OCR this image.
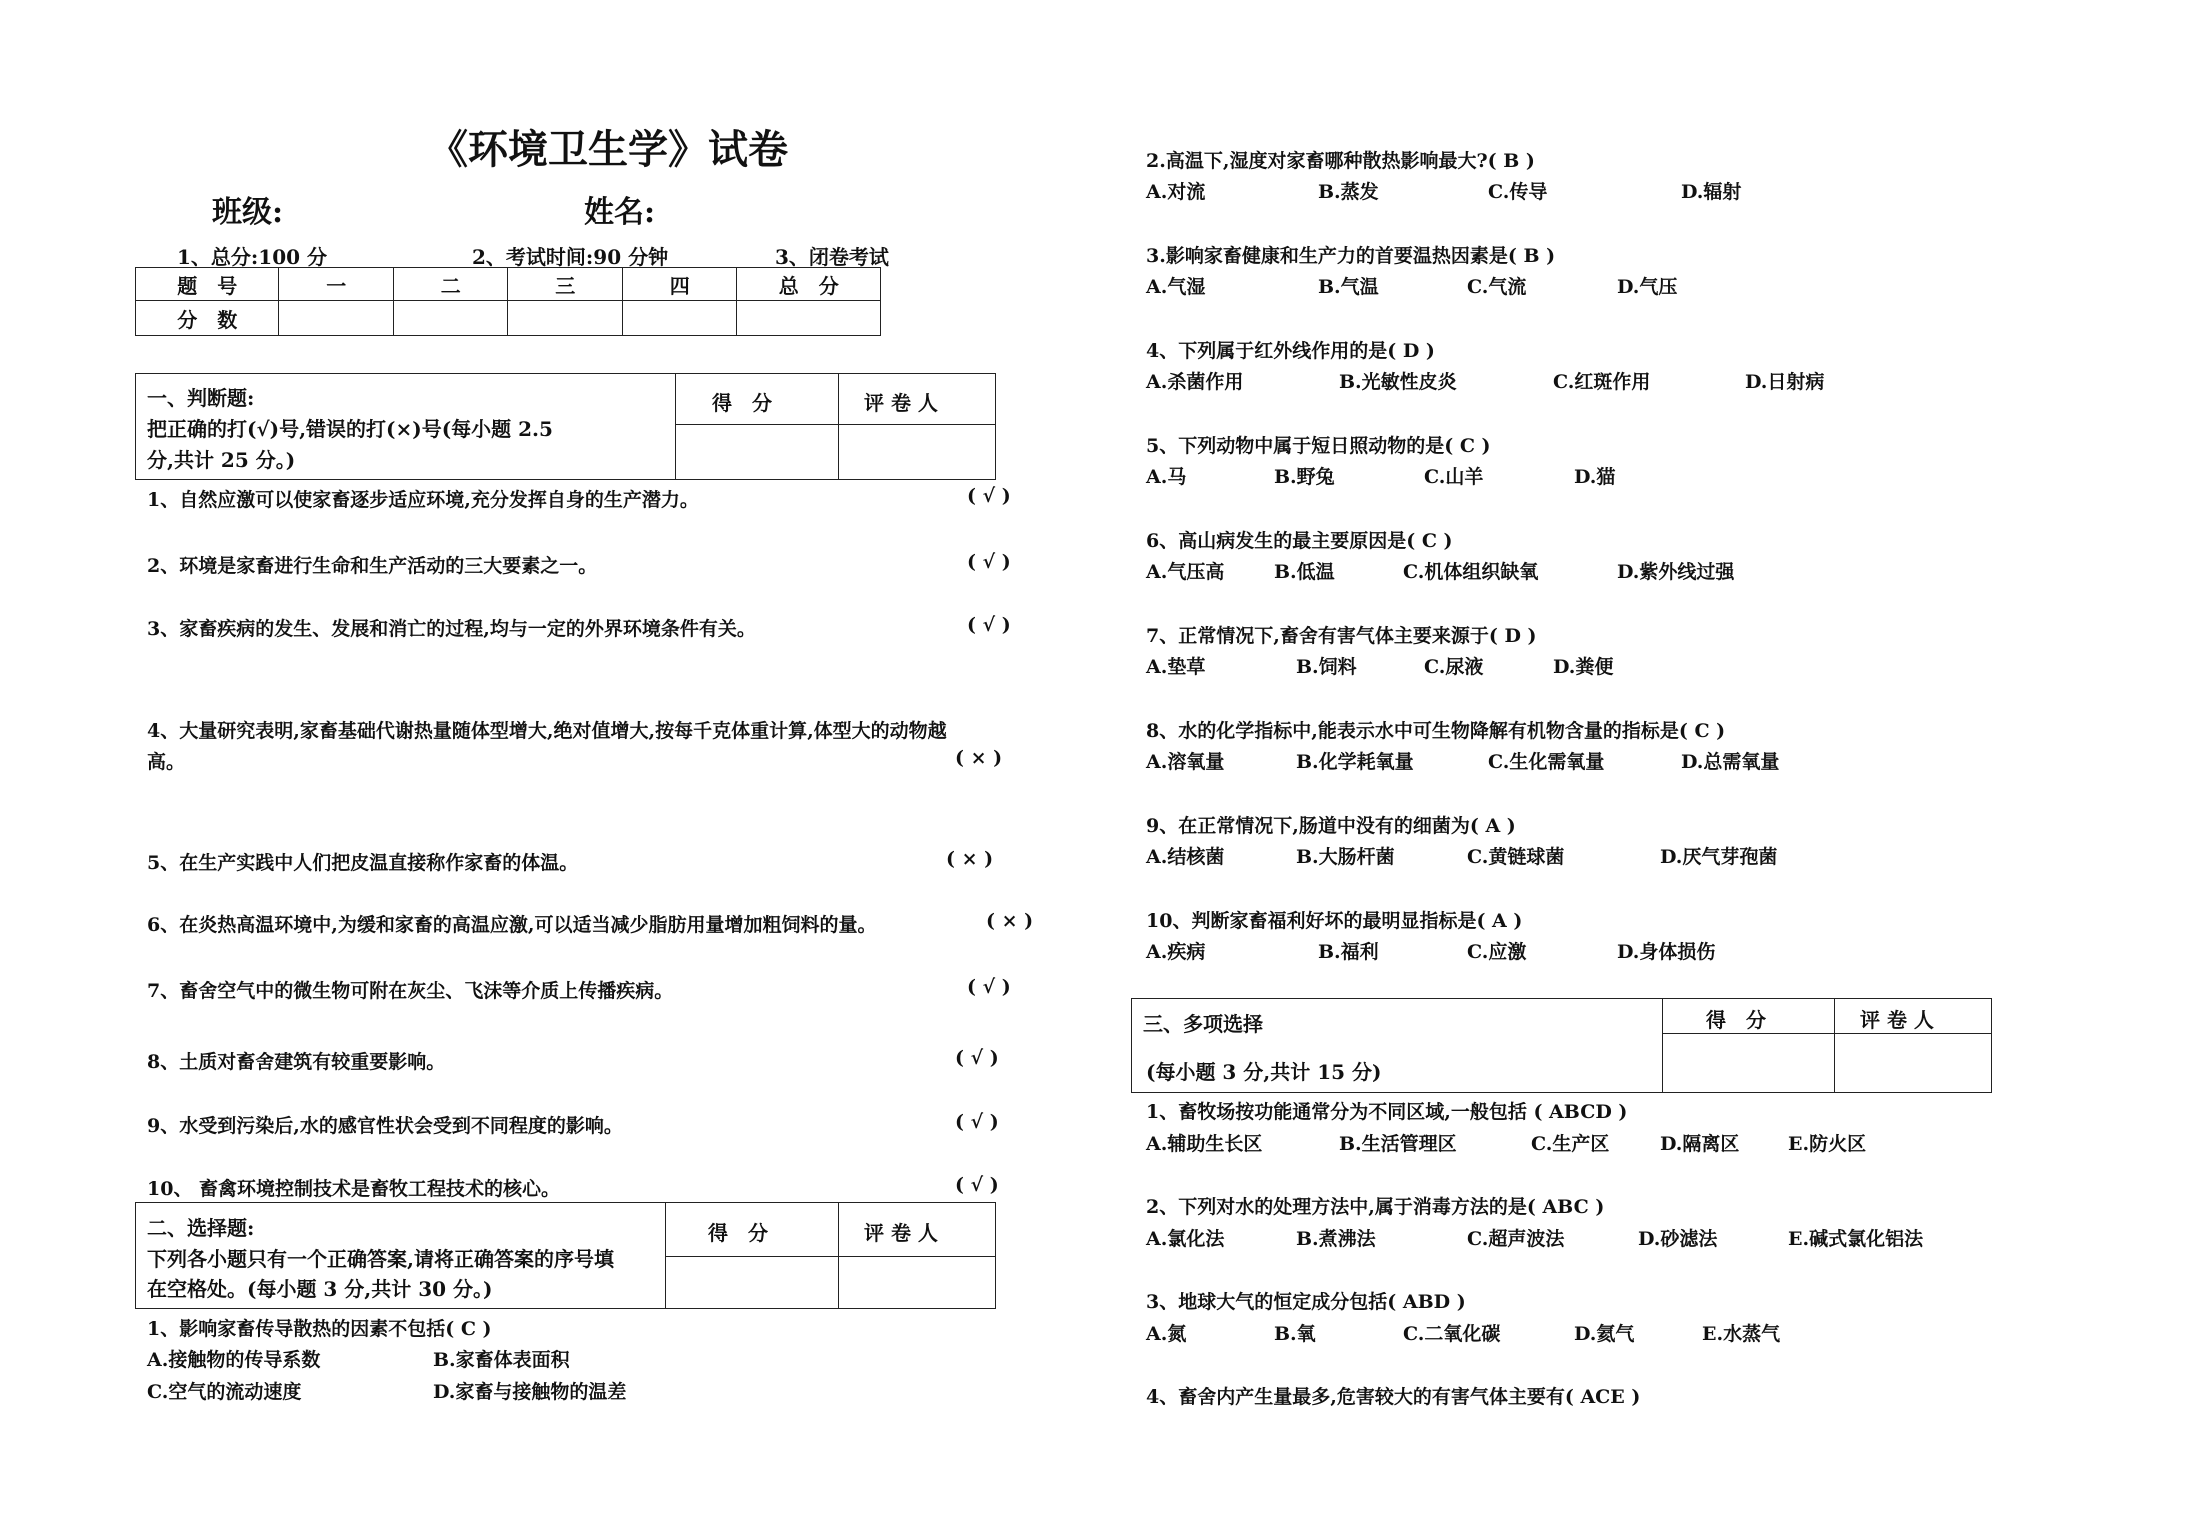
《环境卫生学》试卷
班级:	姓名:
1、总分:100 分	2、考试时间:90 分钟	3、闭卷考试
题　号	一	二	三	四	总　分
分　数					
一、判断题:
把正确的打(√)号,错误的打(×)号(每小题 2.5
分,共计 25 分。)
得　分	评 卷 人
1、自然应激可以使家畜逐步适应环境,充分发挥自身的生产潜力。	( √ )
2、环境是家畜进行生命和生产活动的三大要素之一。	( √ )
3、家畜疾病的发生、发展和消亡的过程,均与一定的外界环境条件有关。	( √ )
4、大量研究表明,家畜基础代谢热量随体型增大,绝对值增大,按每千克体重计算,体型大的动物越
高。	( × )
5、在生产实践中人们把皮温直接称作家畜的体温。	( × )
6、在炎热高温环境中,为缓和家畜的高温应激,可以适当减少脂肪用量增加粗饲料的量。	( × )
7、畜舍空气中的微生物可附在灰尘、飞沫等介质上传播疾病。	( √ )
8、土质对畜舍建筑有较重要影响。	( √ )
9、水受到污染后,水的感官性状会受到不同程度的影响。	( √ )
10、 畜禽环境控制技术是畜牧工程技术的核心。	( √ )
二、选择题:
下列各小题只有一个正确答案,请将正确答案的序号填
在空格处。(每小题 3 分,共计 30 分。)
得　分	评 卷 人
1、影响家畜传导散热的因素不包括( C )
A.接触物的传导系数	B.家畜体表面积
C.空气的流动速度	D.家畜与接触物的温差
2.高温下,湿度对家畜哪种散热影响最大?( B )
A.对流	B.蒸发	C.传导	D.辐射
3.影响家畜健康和生产力的首要温热因素是( B )
A.气湿	B.气温	C.气流	D.气压
4、下列属于红外线作用的是( D )
A.杀菌作用	B.光敏性皮炎	C.红斑作用	D.日射病
5、下列动物中属于短日照动物的是( C )
A.马	B.野兔	C.山羊	D.猫
6、高山病发生的最主要原因是( C )
A.气压高	B.低温	C.机体组织缺氧	D.紫外线过强
7、正常情况下,畜舍有害气体主要来源于( D )
A.垫草	B.饲料	C.尿液	D.粪便
8、水的化学指标中,能表示水中可生物降解有机物含量的指标是( C )
A.溶氧量	B.化学耗氧量	C.生化需氧量	D.总需氧量
9、在正常情况下,肠道中没有的细菌为( A )
A.结核菌	B.大肠杆菌	C.黄链球菌	D.厌气芽孢菌
10、判断家畜福利好坏的最明显指标是( A )
A.疾病	B.福利	C.应激	D.身体损伤
三、多项选择
(每小题 3 分,共计 15 分)
得　分	评 卷 人
1、畜牧场按功能通常分为不同区域,一般包括 ( ABCD )
A.辅助生长区	B.生活管理区	C.生产区	D.隔离区	E.防火区
2、下列对水的处理方法中,属于消毒方法的是( ABC )
A.氯化法	B.煮沸法	C.超声波法	D.砂滤法	E.碱式氯化铝法
3、地球大气的恒定成分包括( ABD )
A.氮	B.氧	C.二氧化碳	D.氦气	E.水蒸气
4、畜舍内产生量最多,危害较大的有害气体主要有( ACE )
